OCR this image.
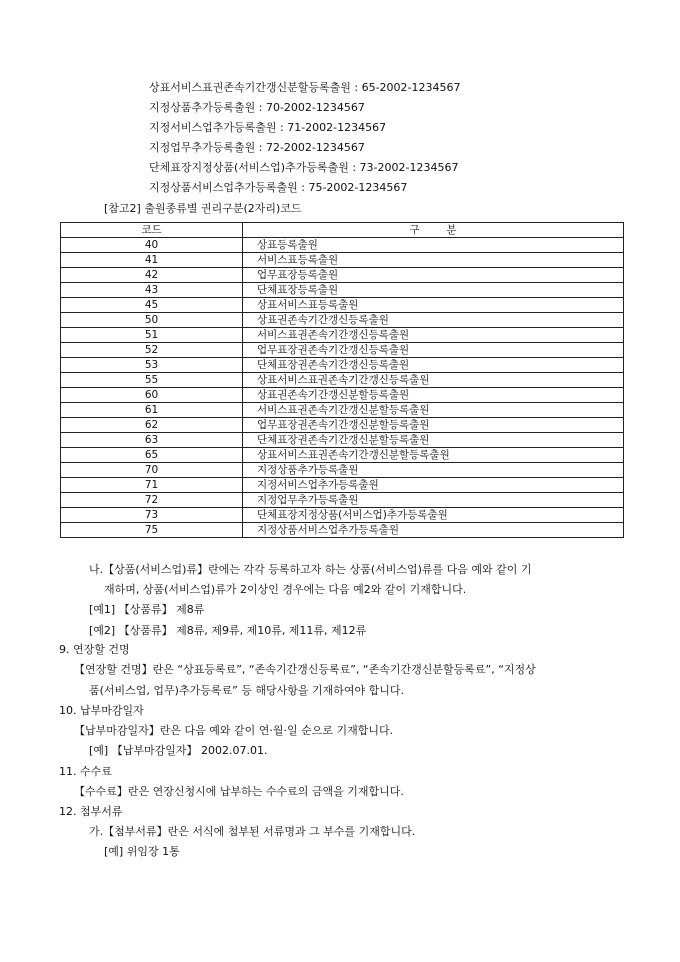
상표서비스표권존속기간갱신분할등록출원 : 65-2002-1234567
지정상품추가등록출원 : 70-2002-1234567
지정서비스업추가등록출원 : 71-2002-1234567
지정업무추가등록출원 : 72-2002-1234567
단체표장지정상품(서비스업)추가등록출원 : 73-2002-1234567
지정상품서비스업추가등록출원 : 75-2002-1234567
[참고2] 출원종류별 권리구분(2자리)코드
코드	구        분
40	상표등록출원
41	서비스표등록출원
42	업무표장등록출원
43	단체표장등록출원
45	상표서비스표등록출원
50	상표권존속기간갱신등록출원
51	서비스표권존속기간갱신등록출원
52	업무표장권존속기간갱신등록출원
53	단체표장권존속기간갱신등록출원
55	상표서비스표권존속기간갱신등록출원
60	상표권존속기간갱신분할등록출원
61	서비스표권존속기간갱신분할등록출원
62	업무표장권존속기간갱신분할등록출원
63	단체표장권존속기간갱신분할등록출원
65	상표서비스표권존속기간갱신분할등록출원
70	지정상품추가등록출원
71	지정서비스업추가등록출원
72	지정업무추가등록출원
73	단체표장지정상품(서비스업)추가등록출원
75	지정상품서비스업추가등록출원
나.【상품(서비스업)류】란에는 각각 등록하고자 하는 상품(서비스업)류를 다음 예와 같이 기
재하며, 상품(서비스업)류가 2이상인 경우에는 다음 예2와 같이 기재합니다.
[예1] 【상품류】 제8류
[예2] 【상품류】 제8류, 제9류, 제10류, 제11류, 제12류
9. 연장할 건명
【연장할 건명】란은 “상표등록료”, “존속기간갱신등록료”, “존속기간갱신분할등록료”, “지정상
품(서비스업, 업무)추가등록료” 등 해당사항을 기재하여야 합니다.
10. 납부마감일자
【납부마감일자】란은 다음 예와 같이 연·월·일 순으로 기재합니다.
[예] 【납부마감일자】 2002.07.01.
11. 수수료
【수수료】란은 연장신청시에 납부하는 수수료의 금액을 기재합니다.
12. 첨부서류
가.【첨부서류】란은 서식에 첨부된 서류명과 그 부수를 기재합니다.
[예] 위임장 1통
